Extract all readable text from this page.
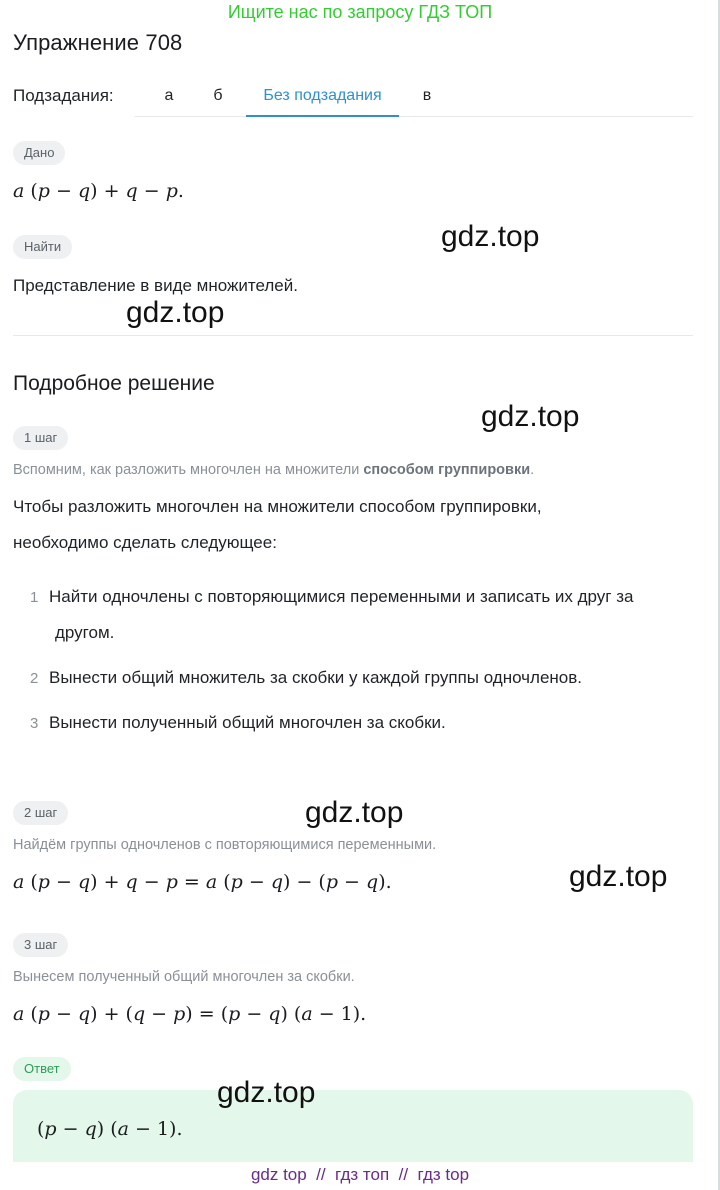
Ищите нас по запросу ГДЗ ТОП
Упражнение 708
Подзадания:	а	б	Без подзадания	в
Дано
a (p − q) + q − p.
Найти
Представление в виде множителей.
Подробное решение
1 шаг
Вспомним, как разложить многочлен на множители способом группировки.
Чтобы разложить многочлен на множители способом группировки,
необходимо сделать следующее:
1 Найти одночлены с повторяющимися переменными и записать их друг за
другом.
2 Вынести общий множитель за скобки у каждой группы одночленов.
3 Вынести полученный общий многочлен за скобки.
2 шаг
Найдём группы одночленов с повторяющимися переменными.
a (p − q) + q − p = a (p − q) − (p − q).
3 шаг
Вынесем полученный общий многочлен за скобки.
a (p − q) + (q − p) = (p − q) (a − 1).
Ответ
(p − q) (a − 1).
gdz.top
gdz.top
gdz.top
gdz.top
gdz.top
gdz.top
gdz top  //  гдз топ  //  гдз top
